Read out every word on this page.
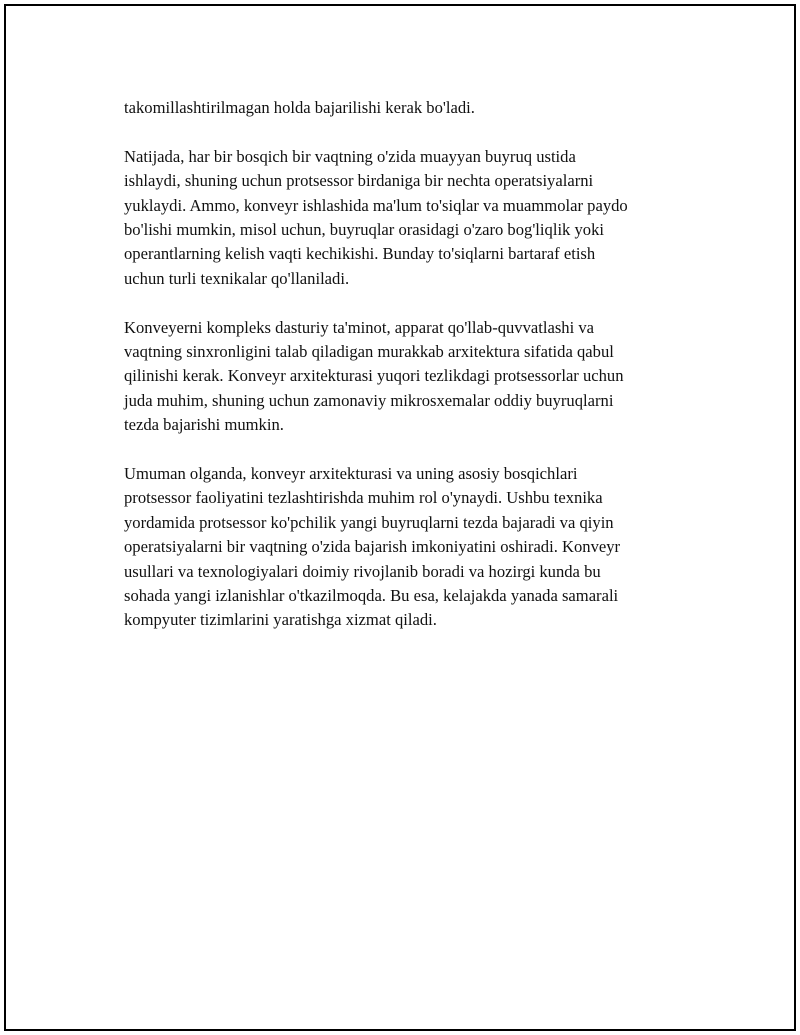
takomillashtirilmagan holda bajarilishi kerak bo'ladi.

Natijada, har bir bosqich bir vaqtning o'zida muayyan buyruq ustida
ishlaydi, shuning uchun protsessor birdaniga bir nechta operatsiyalarni
yuklaydi. Ammo, konveyr ishlashida ma'lum to'siqlar va muammolar paydo
bo'lishi mumkin, misol uchun, buyruqlar orasidagi o'zaro bog'liqlik yoki
operantlarning kelish vaqti kechikishi. Bunday to'siqlarni bartaraf etish
uchun turli texnikalar qo'llaniladi.

Konveyerni kompleks dasturiy ta'minot, apparat qo'llab-quvvatlashi va
vaqtning sinxronligini talab qiladigan murakkab arxitektura sifatida qabul
qilinishi kerak. Konveyr arxitekturasi yuqori tezlikdagi protsessorlar uchun
juda muhim, shuning uchun zamonaviy mikrosxemalar oddiy buyruqlarni
tezda bajarishi mumkin.

Umuman olganda, konveyr arxitekturasi va uning asosiy bosqichlari
protsessor faoliyatini tezlashtirishda muhim rol o'ynaydi. Ushbu texnika
yordamida protsessor ko'pchilik yangi buyruqlarni tezda bajaradi va qiyin
operatsiyalarni bir vaqtning o'zida bajarish imkoniyatini oshiradi. Konveyr
usullari va texnologiyalari doimiy rivojlanib boradi va hozirgi kunda bu
sohada yangi izlanishlar o'tkazilmoqda. Bu esa, kelajakda yanada samarali
kompyuter tizimlarini yaratishga xizmat qiladi.
